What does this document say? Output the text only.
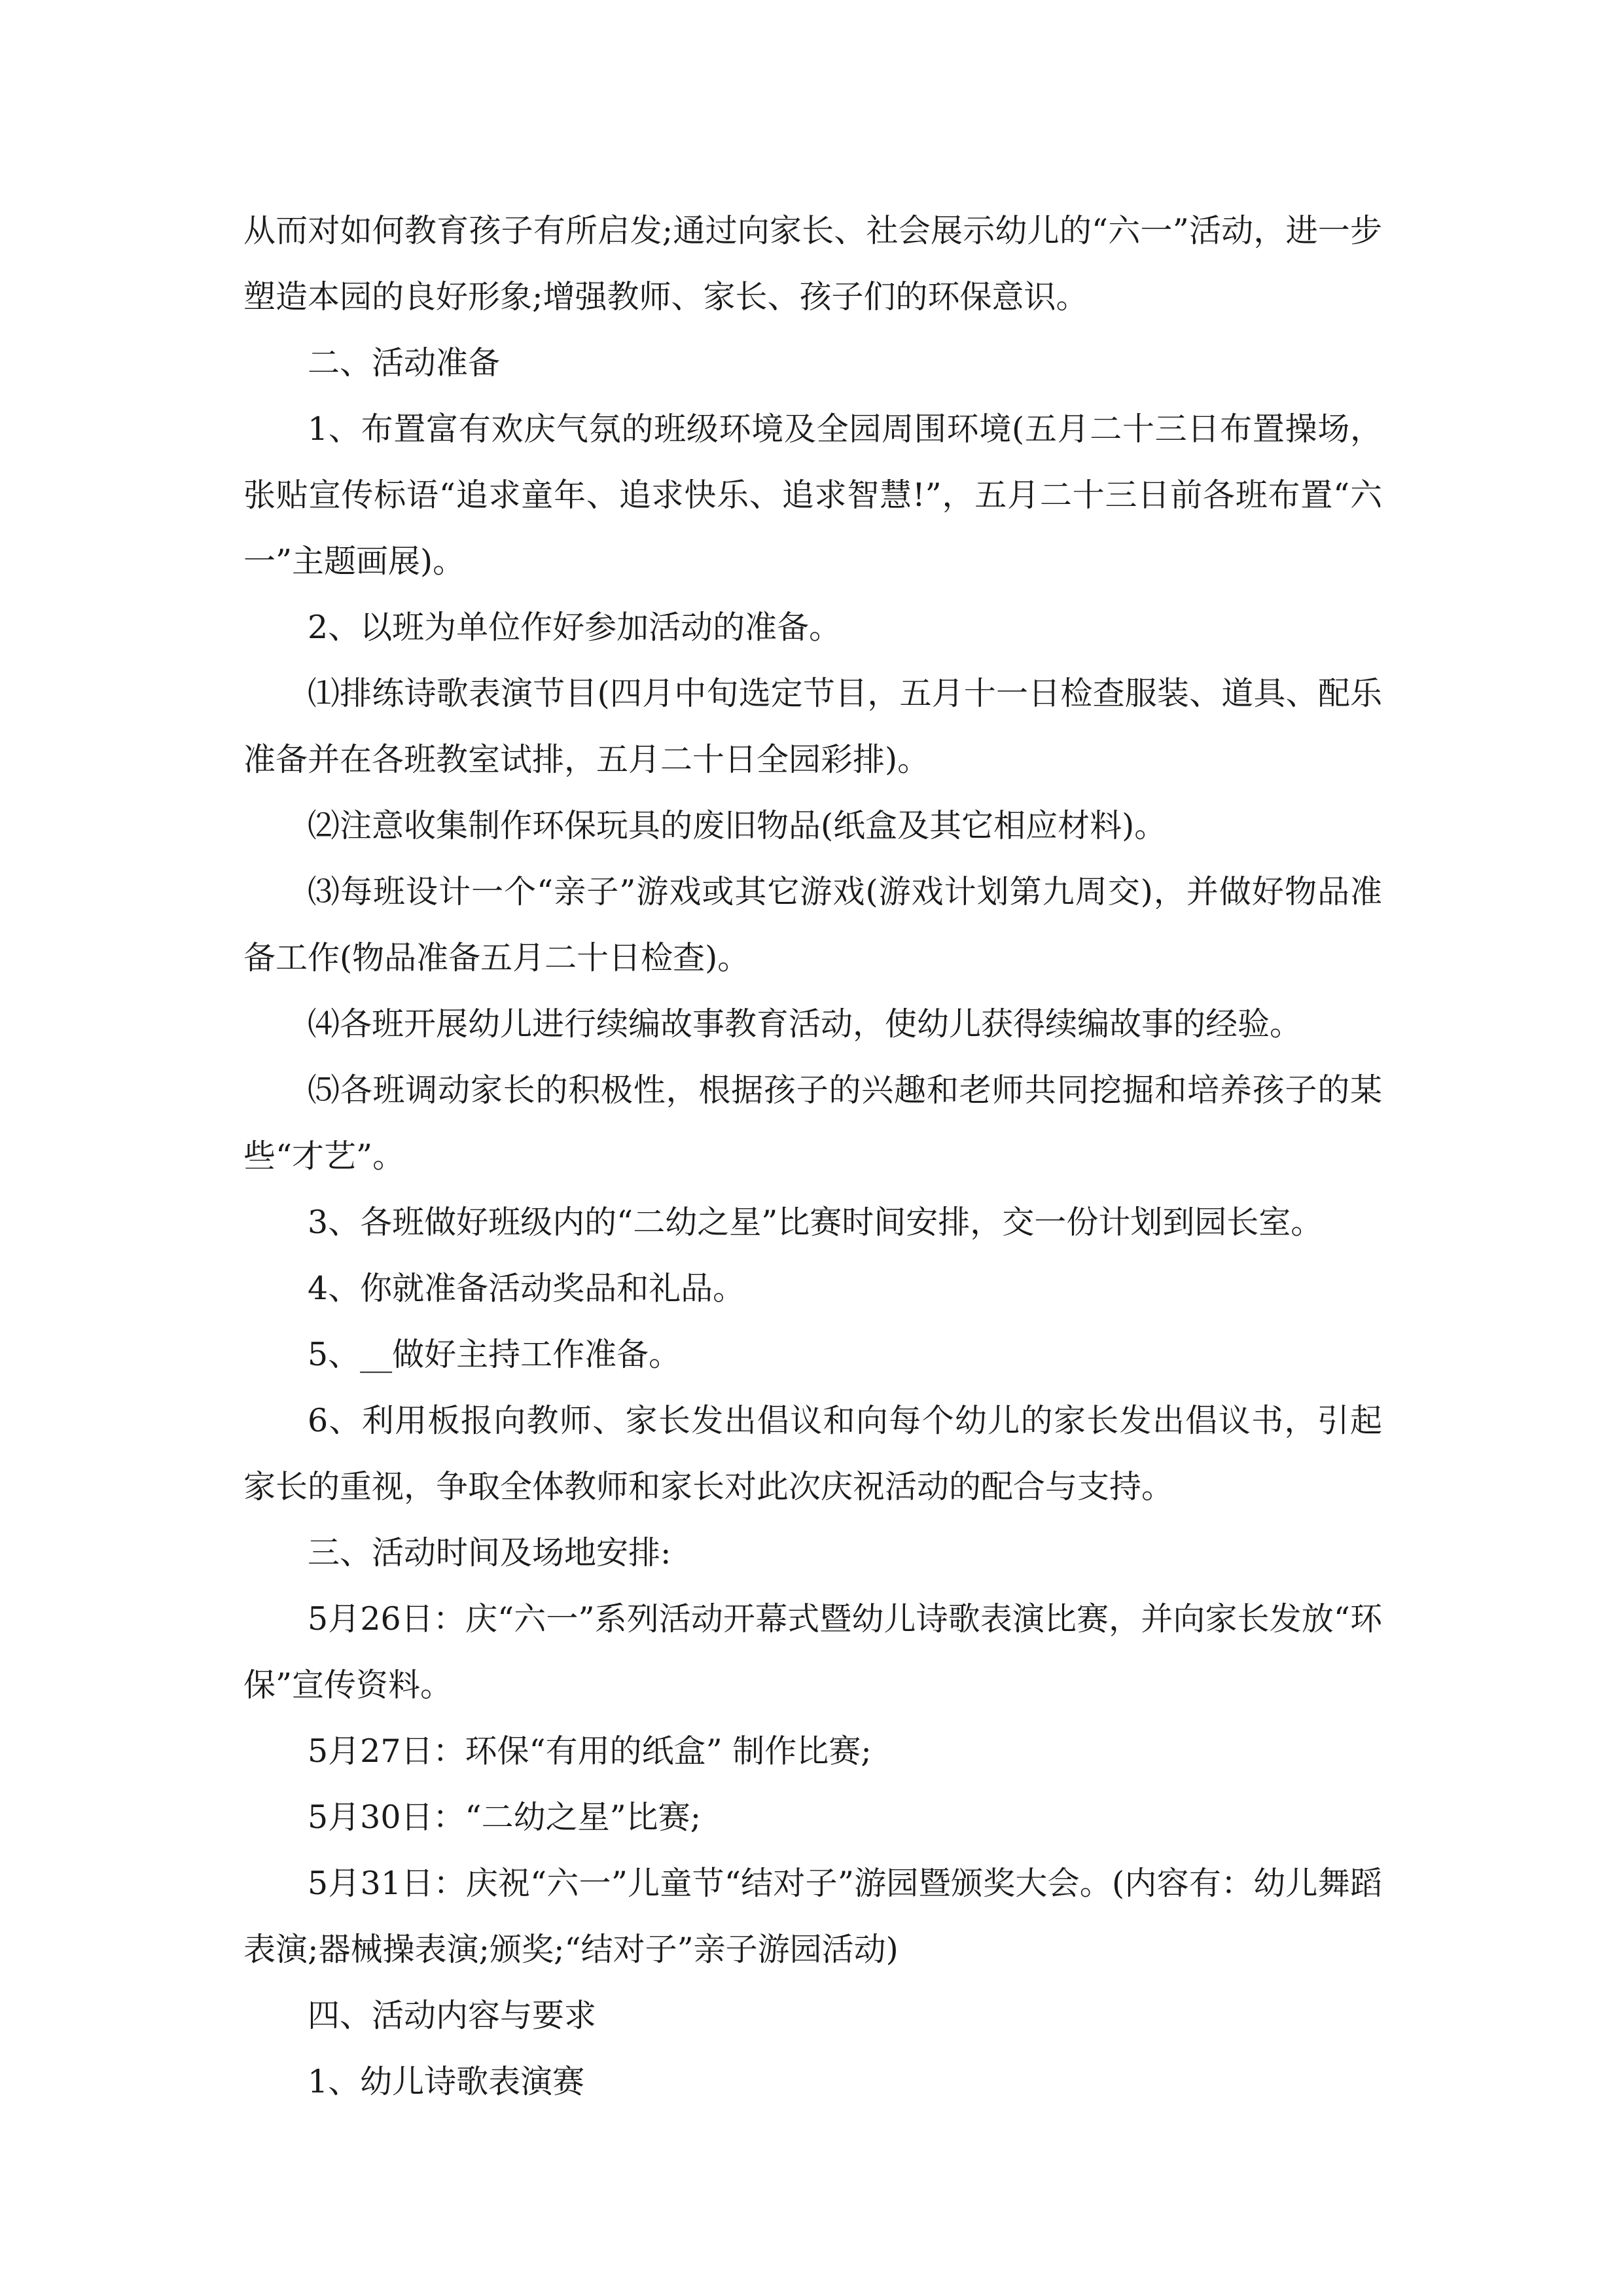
从而对如何教育孩子有所启发;通过向家长、社会展示幼儿的“六一”活动，进一步塑造本园的良好形象;增强教师、家长、孩子们的环保意识。

二、活动准备

1、布置富有欢庆气氛的班级环境及全园周围环境(五月二十三日布置操场，张贴宣传标语“追求童年、追求快乐、追求智慧!”，五月二十三日前各班布置“六一”主题画展)。

2、以班为单位作好参加活动的准备。

⑴排练诗歌表演节目(四月中旬选定节目，五月十一日检查服装、道具、配乐准备并在各班教室试排，五月二十日全园彩排)。

⑵注意收集制作环保玩具的废旧物品(纸盒及其它相应材料)。

⑶每班设计一个“亲子”游戏或其它游戏(游戏计划第九周交)，并做好物品准备工作(物品准备五月二十日检查)。

⑷各班开展幼儿进行续编故事教育活动，使幼儿获得续编故事的经验。

⑸各班调动家长的积极性，根据孩子的兴趣和老师共同挖掘和培养孩子的某些“才艺”。

3、各班做好班级内的“二幼之星”比赛时间安排，交一份计划到园长室。

4、你就准备活动奖品和礼品。

5、__做好主持工作准备。

6、利用板报向教师、家长发出倡议和向每个幼儿的家长发出倡议书，引起家长的重视，争取全体教师和家长对此次庆祝活动的配合与支持。

三、活动时间及场地安排:

5月26日：庆“六一”系列活动开幕式暨幼儿诗歌表演比赛，并向家长发放“环保”宣传资料。

5月27日：环保“有用的纸盒” 制作比赛;

5月30日：“二幼之星”比赛;

5月31日：庆祝“六一”儿童节“结对子”游园暨颁奖大会。(内容有：幼儿舞蹈表演;器械操表演;颁奖;“结对子”亲子游园活动)

四、活动内容与要求

1、幼儿诗歌表演赛
